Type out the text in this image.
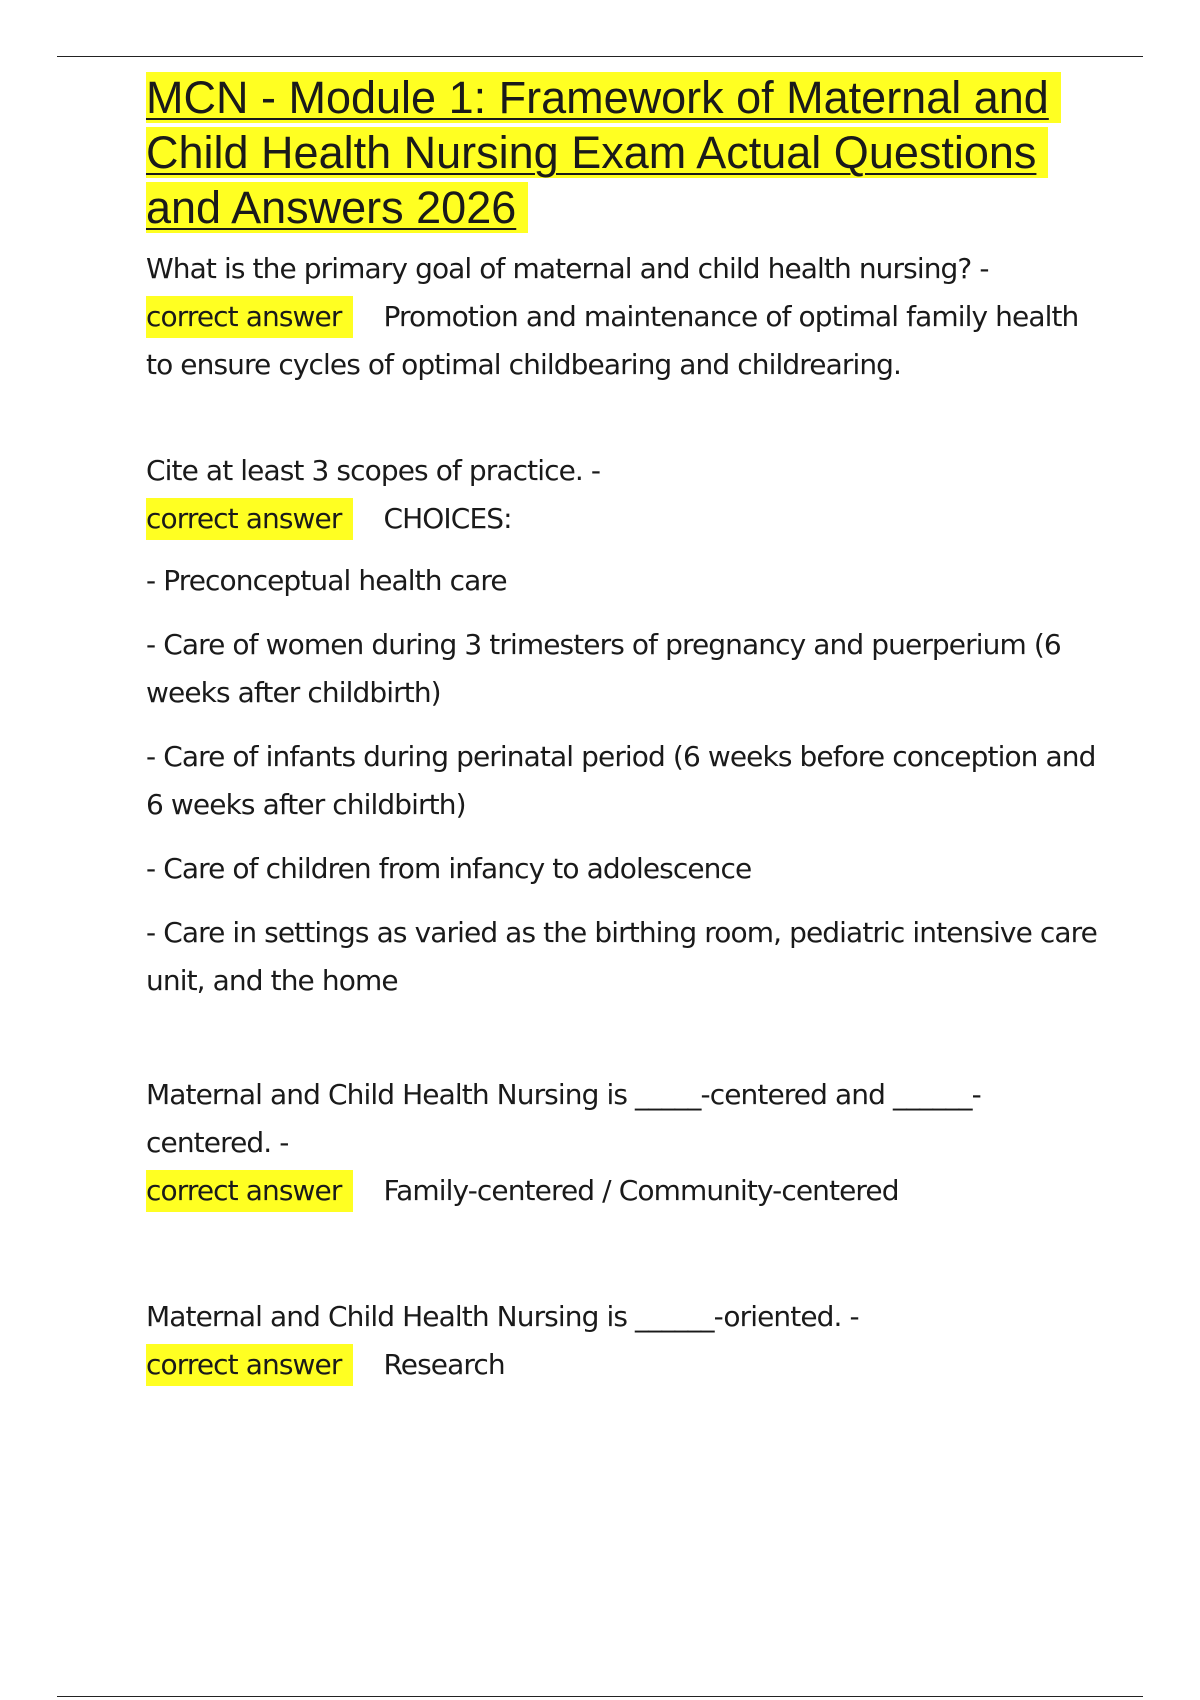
MCN - Module 1: Framework of Maternal and Child Health Nursing Exam Actual Questions and Answers 2026

What is the primary goal of maternal and child health nursing? -

correct answer Promotion and maintenance of optimal family health to ensure cycles of optimal childbearing and childrearing.

Cite at least 3 scopes of practice. -

correct answer CHOICES:

- Preconceptual health care

- Care of women during 3 trimesters of pregnancy and puerperium (6 weeks after childbirth)

- Care of infants during perinatal period (6 weeks before conception and 6 weeks after childbirth)

- Care of children from infancy to adolescence

- Care in settings as varied as the birthing room, pediatric intensive care unit, and the home

Maternal and Child Health Nursing is _____-centered and ______-centered. -

correct answer Family-centered / Community-centered

Maternal and Child Health Nursing is ______-oriented. -

correct answer Research
